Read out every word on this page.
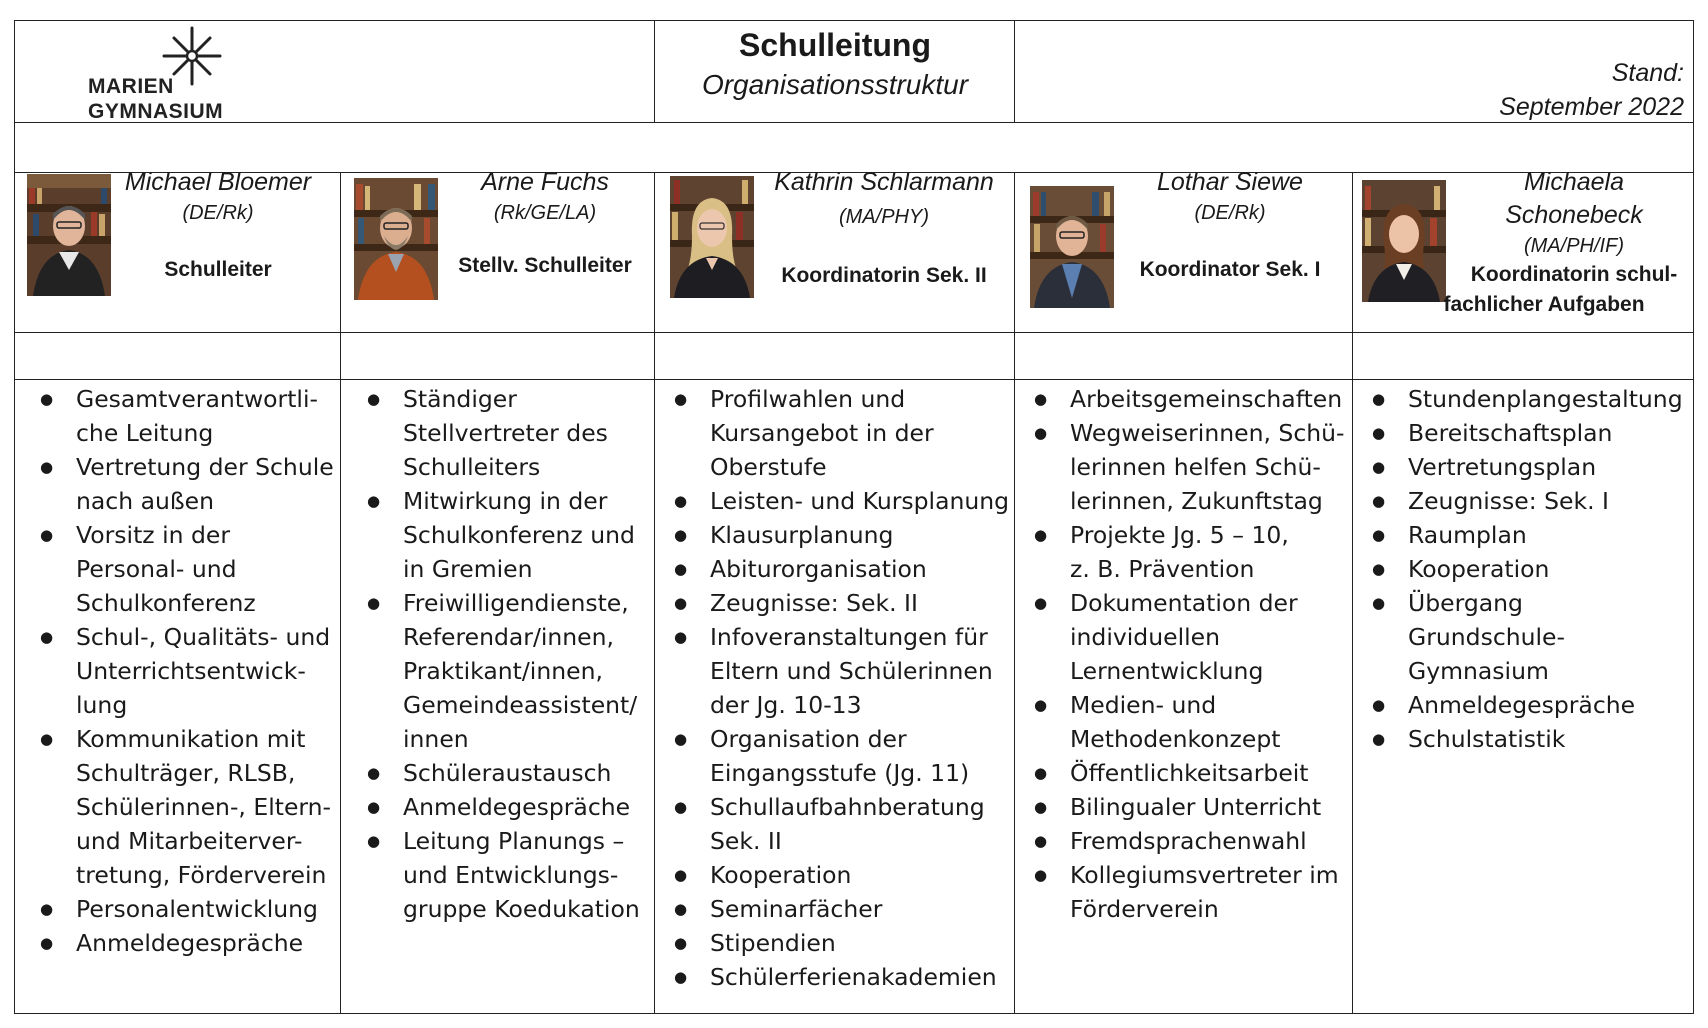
MARIEN
GYMNASIUM
Schulleitung
Organisationsstruktur	Stand:
September 2022
Michael Bloemer
(DE/Rk)
Schulleiter
Arne Fuchs
(Rk/GE/LA)
Stellv. Schulleiter
Kathrin Schlarmann
(MA/PHY)
Koordinatorin Sek. II
Lothar Siewe
(DE/Rk)
Koordinator Sek. I
Michaela
Schonebeck
(MA/PH/IF)
Koordinatorin schul-
fachlicher Aufgaben
● Gesamtverantwortli-
che Leitung
● Vertretung der Schule
nach außen
● Vorsitz in der
Personal- und
Schulkonferenz
● Schul-, Qualitäts- und
Unterrichtsentwick-
lung
● Kommunikation mit
Schulträger, RLSB,
Schülerinnen-, Eltern-
und Mitarbeiterver-
tretung, Förderverein
● Personalentwicklung
● Anmeldegespräche
● Ständiger
Stellvertreter des
Schulleiters
● Mitwirkung in der
Schulkonferenz und
in Gremien
● Freiwilligendienste,
Referendar/innen,
Praktikant/innen,
Gemeindeassistent/
innen
● Schüleraustausch
● Anmeldegespräche
● Leitung Planungs –
und Entwicklungs-
gruppe Koedukation
● Profilwahlen und
Kursangebot in der
Oberstufe
● Leisten- und Kursplanung
● Klausurplanung
● Abiturorganisation
● Zeugnisse: Sek. II
● Infoveranstaltungen für
Eltern und Schülerinnen
der Jg. 10-13
● Organisation der
Eingangsstufe (Jg. 11)
● Schullaufbahnberatung
Sek. II
● Kooperation
● Seminarfächer
● Stipendien
● Schülerferienakademien
● Arbeitsgemeinschaften
● Wegweiserinnen, Schü-
lerinnen helfen Schü-
lerinnen, Zukunftstag
● Projekte Jg. 5 – 10,
z. B. Prävention
● Dokumentation der
individuellen
Lernentwicklung
● Medien- und
Methodenkonzept
● Öffentlichkeitsarbeit
● Bilingualer Unterricht
● Fremdsprachenwahl
● Kollegiumsvertreter im
Förderverein
● Stundenplangestaltung
● Bereitschaftsplan
● Vertretungsplan
● Zeugnisse: Sek. I
● Raumplan
● Kooperation
● Übergang
Grundschule-
Gymnasium
● Anmeldegespräche
● Schulstatistik
